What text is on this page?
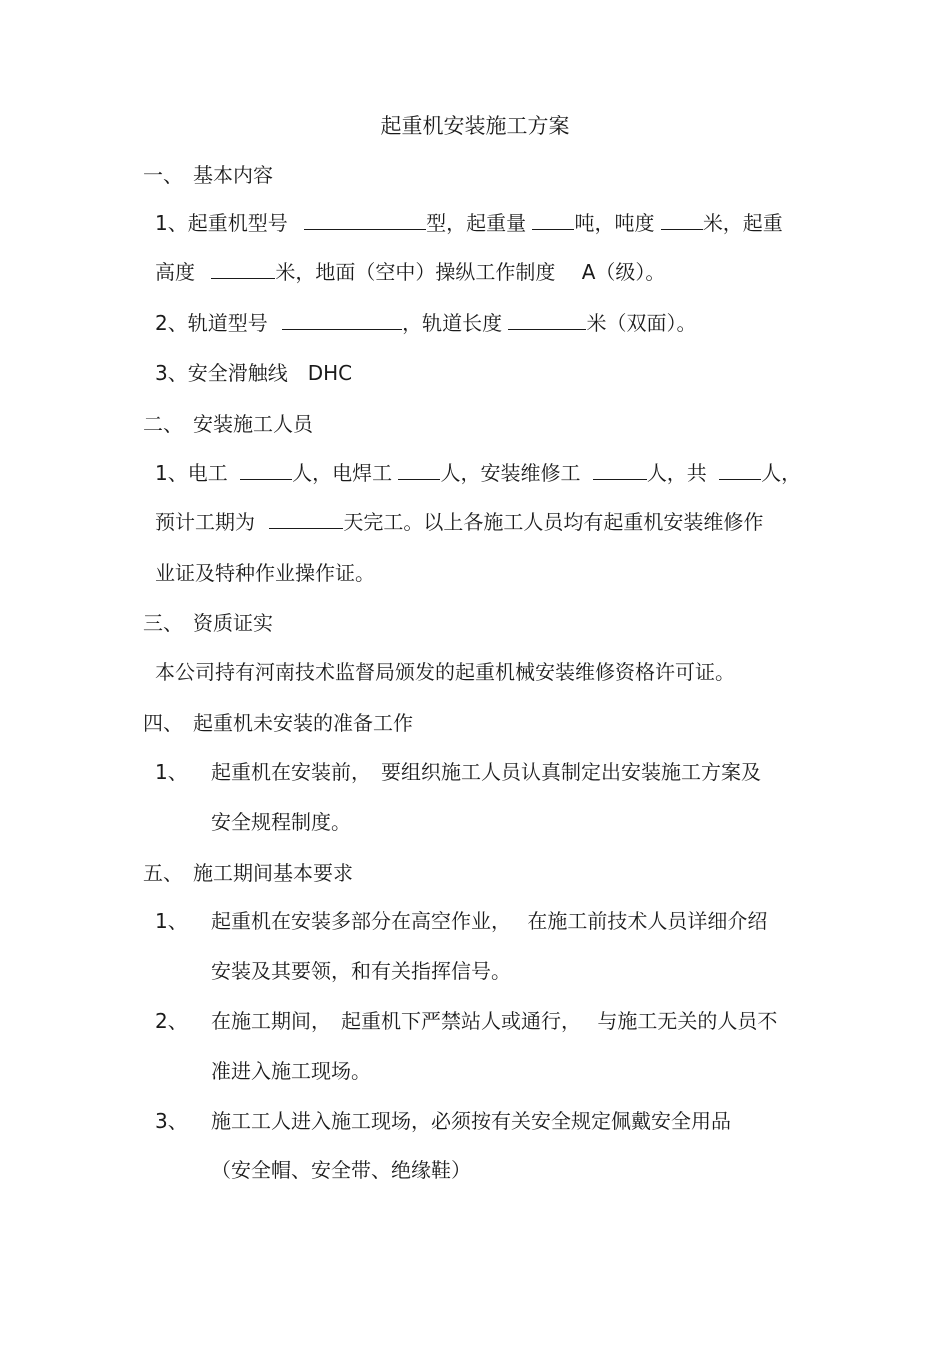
起重机安装施工方案
一、　基本内容
1、起重机型号	型，起重量 吨，吨度 米，起重
高度	米，地面（空中）操纵工作制度　 A（级）。
2、轨道型号	，轨道长度	米（双面）。
3、安全滑触线　DHC
二、　安装施工人员
1、电工	人，电焊工 人，安装维修工	人，共	人，
预计工期为	天完工。以上各施工人员均有起重机安装维修作
业证及特种作业操作证。
三、　资质证实
本公司持有河南技术监督局颁发的起重机械安装维修资格许可证。
四、　起重机未安装的准备工作
1、 起重机在安装前，　要组织施工人员认真制定出安装施工方案及
安全规程制度。
五、　施工期间基本要求
1、 起重机在安装多部分在高空作业，　 在施工前技术人员详细介绍
安装及其要领，和有关指挥信号。
2、 在施工期间，　起重机下严禁站人或通行，　 与施工无关的人员不
准进入施工现场。
3、 施工工人进入施工现场，必须按有关安全规定佩戴安全用品
（安全帽、安全带、绝缘鞋）
